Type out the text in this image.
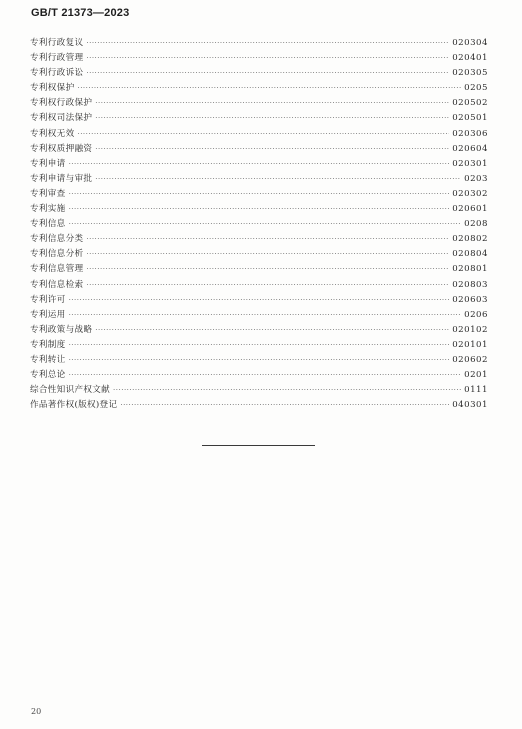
GB/T 21373—2023
专利行政复议 ·····	020304
专利行政管理 ·····	020401
专利行政诉讼 ·····	020305
专利权保护 ·····	0205
专利权行政保护 ·····	020502
专利权司法保护 ·····	020501
专利权无效 ·····	020306
专利权质押融资 ·····	020604
专利申请 ·····	020301
专利申请与审批 ·····	0203
专利审查 ·····	020302
专利实施 ·····	020601
专利信息 ·····	0208
专利信息分类 ·····	020802
专利信息分析 ·····	020804
专利信息管理 ·····	020801
专利信息检索 ·····	020803
专利许可 ·····	020603
专利运用 ·····	0206
专利政策与战略 ·····	020102
专利制度 ·····	020101
专利转让 ·····	020602
专利总论 ·····	0201
综合性知识产权文献 ·····	0111
作品著作权(版权)登记 ·····	040301
20
